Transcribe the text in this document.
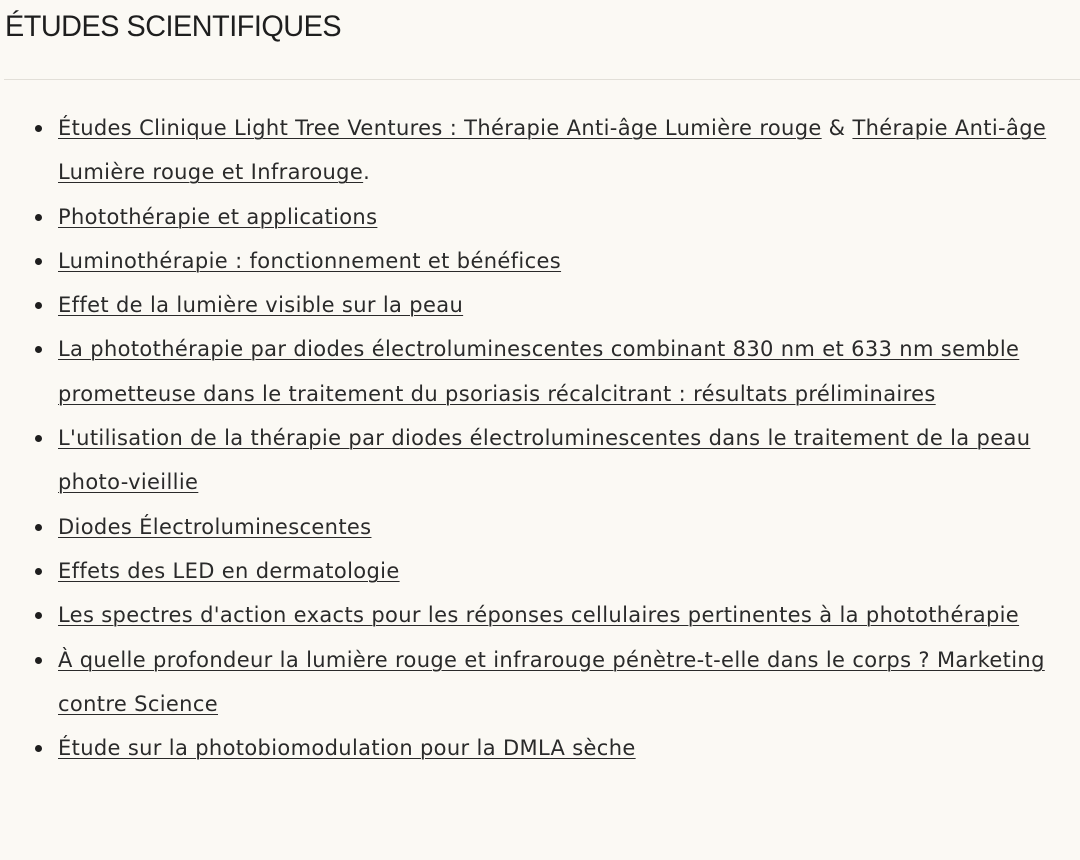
ÉTUDES SCIENTIFIQUES
Études Clinique Light Tree Ventures : Thérapie Anti-âge Lumière rouge & Thérapie Anti-âge Lumière rouge et Infrarouge.
Photothérapie et applications
Luminothérapie : fonctionnement et bénéfices
Effet de la lumière visible sur la peau
La photothérapie par diodes électroluminescentes combinant 830 nm et 633 nm semble prometteuse dans le traitement du psoriasis récalcitrant : résultats préliminaires
L'utilisation de la thérapie par diodes électroluminescentes dans le traitement de la peau photo-vieillie
Diodes Électroluminescentes
Effets des LED en dermatologie
Les spectres d'action exacts pour les réponses cellulaires pertinentes à la photothérapie
À quelle profondeur la lumière rouge et infrarouge pénètre-t-elle dans le corps ? Marketing contre Science
Étude sur la photobiomodulation pour la DMLA sèche
